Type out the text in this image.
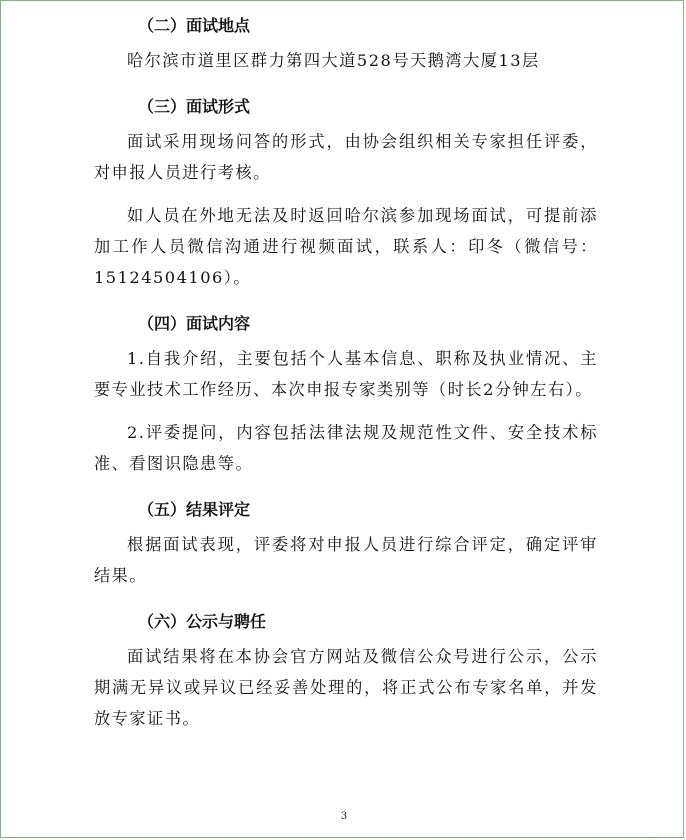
（二）面试地点

哈尔滨市道里区群力第四大道528号天鹅湾大厦13层

（三）面试形式

面试采用现场问答的形式，由协会组织相关专家担任评委，对申报人员进行考核。

如人员在外地无法及时返回哈尔滨参加现场面试，可提前添加工作人员微信沟通进行视频面试，联系人：印冬（微信号：15124504106）。

（四）面试内容

1.自我介绍，主要包括个人基本信息、职称及执业情况、主要专业技术工作经历、本次申报专家类别等（时长2分钟左右）。

2.评委提问，内容包括法律法规及规范性文件、安全技术标准、看图识隐患等。

（五）结果评定

根据面试表现，评委将对申报人员进行综合评定，确定评审结果。

（六）公示与聘任

面试结果将在本协会官方网站及微信公众号进行公示，公示期满无异议或异议已经妥善处理的，将正式公布专家名单，并发放专家证书。

3
